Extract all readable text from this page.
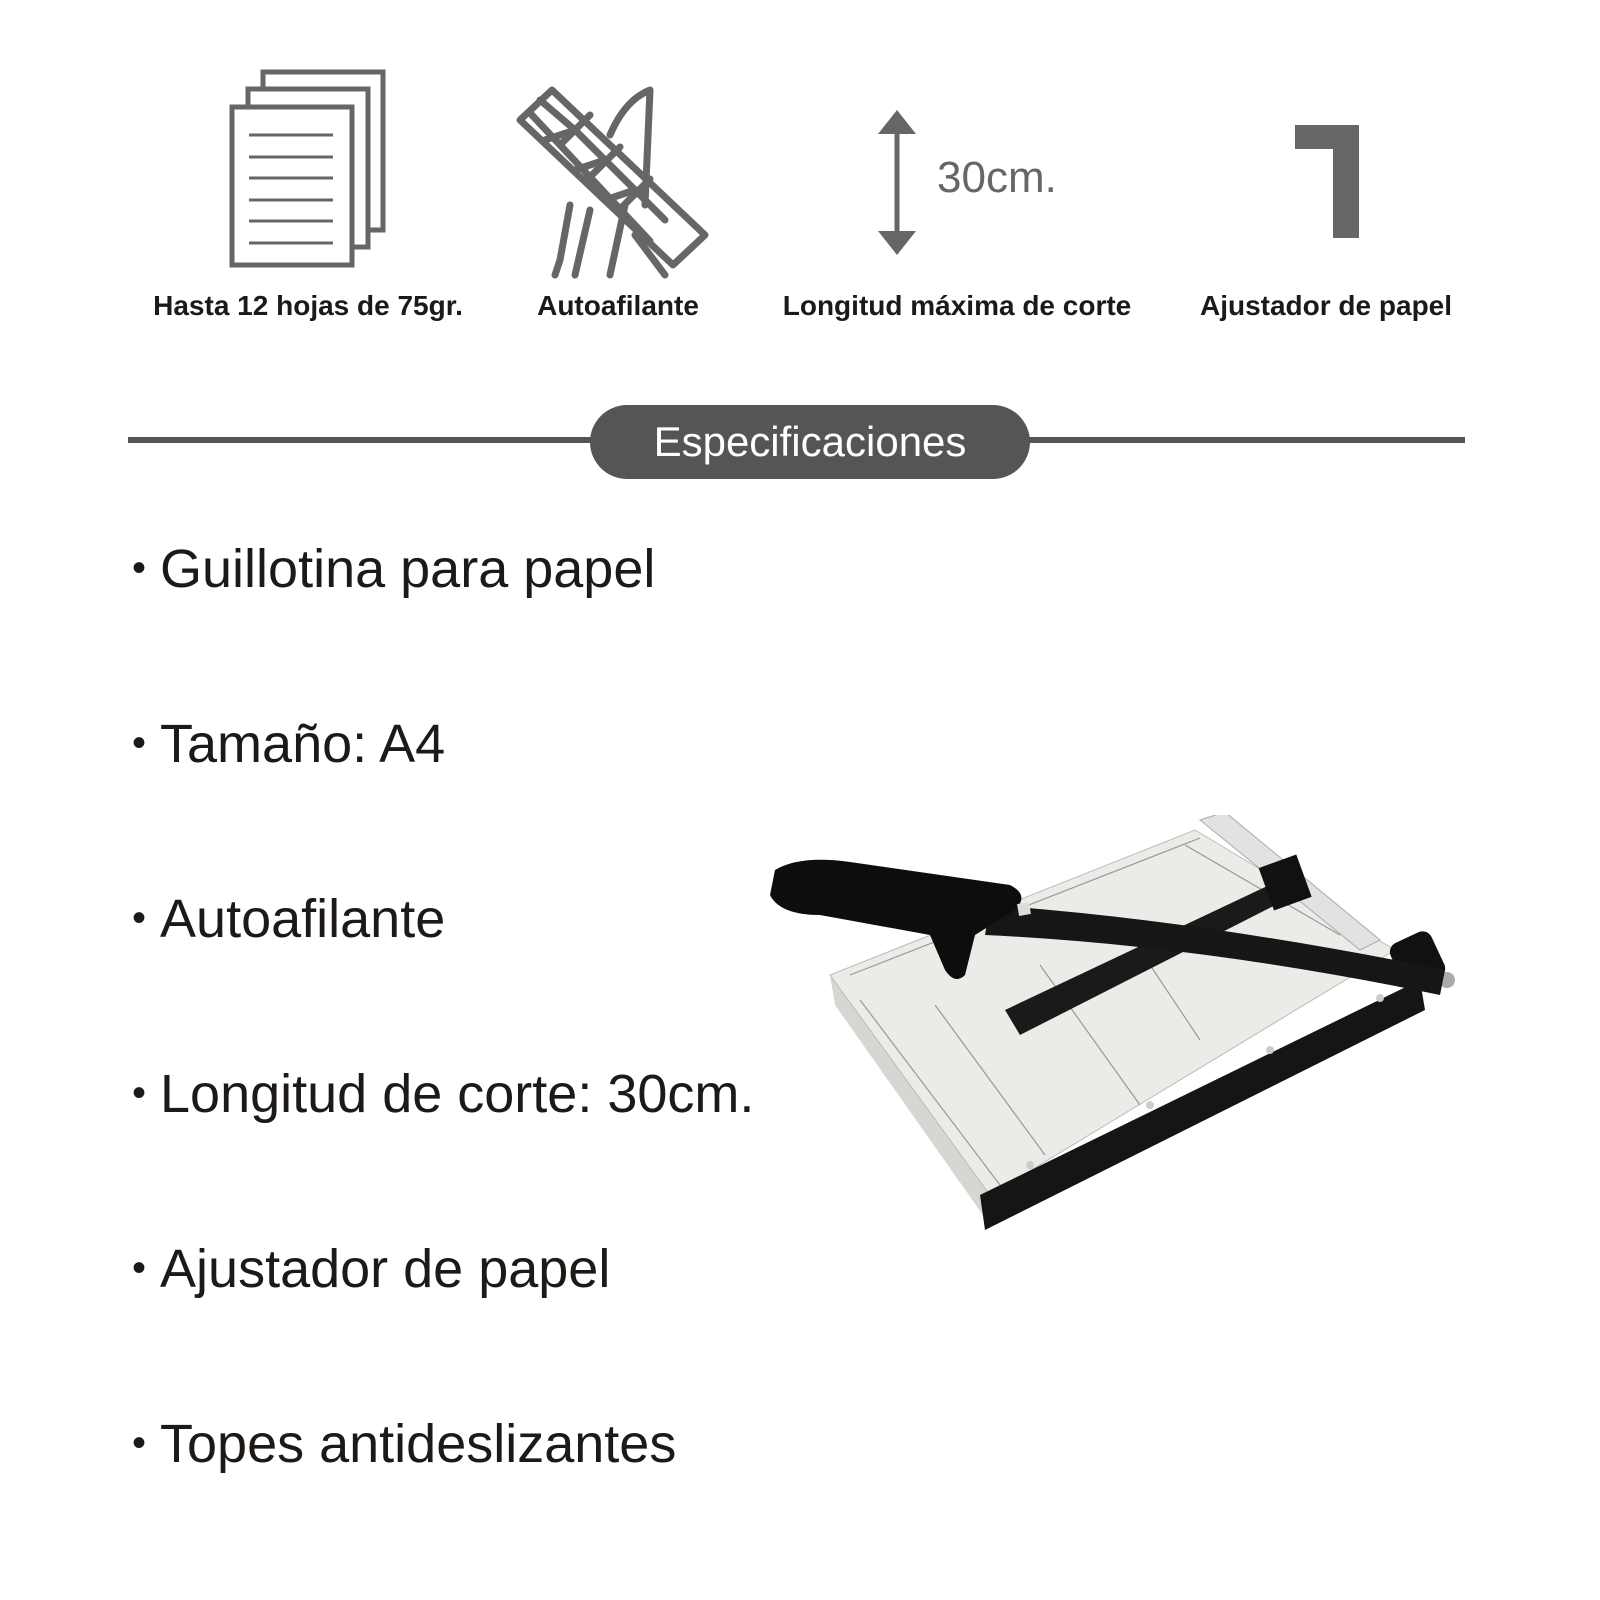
30cm.
Hasta 12 hojas de 75gr.	Autoafilante	Longitud máxima de corte Ajustador de papel
Especificaciones
• Guillotina para papel
• Tamaño: A4
• Autoafilante
• Longitud de corte: 30cm.
• Ajustador de papel
• Topes antideslizantes
